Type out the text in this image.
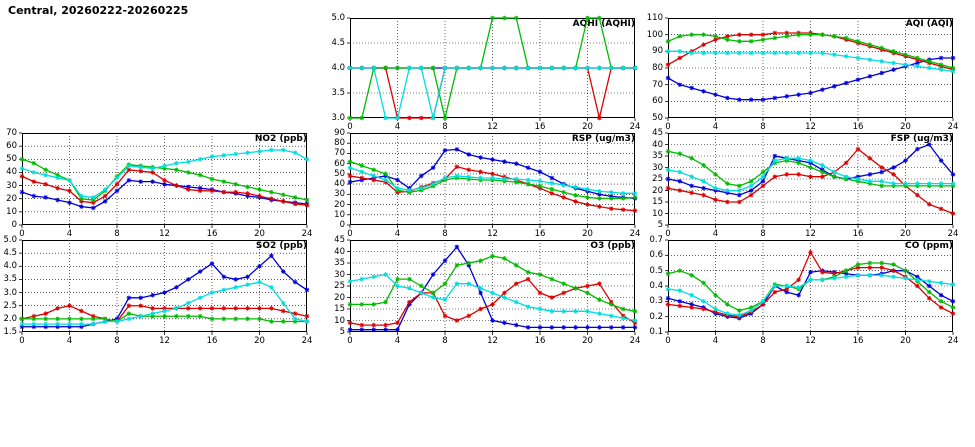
Central, 20260222-20260225
AQHI (AQHI)
0	4	8	12	16	20	24
3.0
3.5
4.0
4.5
5.0
AQI (AQI)
0	4	8	12	16	20	24
50
60
70
80
90
100
110
NO2 (ppb)
0	4	8	12	16	20	24
0
10
20
30
40
50
60
70
RSP (ug/m3)
0	4	8	12	16	20	24
0
10
20
30
40
50
60
70
80
90
FSP (ug/m3)
0	4	8	12	16	20	24
5
10
15
20
25
30
35
40
45
SO2 (ppb)
0	4	8	12	16	20	24
1.5
2.0
2.5
3.0
3.5
4.0
4.5
5.0
O3 (ppb)
0	4	8	12	16	20	24
5
10
15
20
25
30
35
40
45
CO (ppm)
0	4	8	12	16	20	24
0.1
0.2
0.3
0.4
0.5
0.6
0.7
